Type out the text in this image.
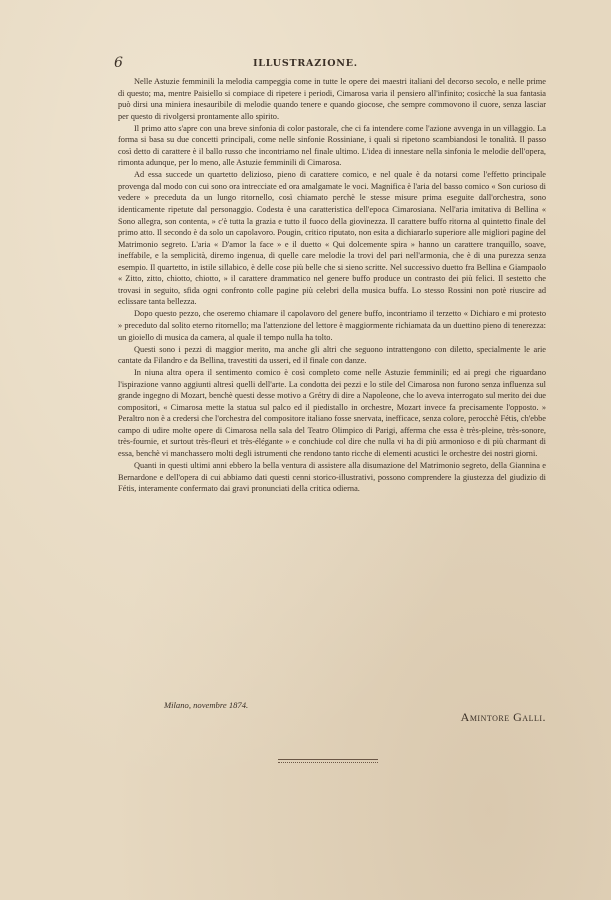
6	ILLUSTRAZIONE.

Nelle Astuzie femminili la melodia campeggia come in tutte le opere dei maestri italiani del decorso secolo, e nelle prime di questo; ma, mentre Paisiello si compiace di ripetere i periodi, Cimarosa varia il pensiero all'infinito; cosicchè la sua fantasia può dirsi una miniera inesauribile di melodie quando tenere e quando giocose, che sempre commovono il cuore, senza lasciar per questo di rivolgersi prontamente allo spirito.

Il primo atto s'apre con una breve sinfonia di color pastorale, che ci fa intendere come l'azione avvenga in un villaggio. La forma si basa su due concetti principali, come nelle sinfonie Rossiniane, i quali si ripetono scambiandosi le tonalità. Il passo così detto di carattere è il ballo russo che incontriamo nel finale ultimo. L'idea di innestare nella sinfonia le melodie dell'opera, rimonta adunque, per lo meno, alle Astuzie femminili di Cimarosa.

Ad essa succede un quartetto delizioso, pieno di carattere comico, e nel quale è da notarsi come l'effetto principale provenga dal modo con cui sono ora intrecciate ed ora amalgamate le voci. Magnifica è l'aria del basso comico « Son curioso di vedere » preceduta da un lungo ritornello, così chiamato perchè le stesse misure prima eseguite dall'orchestra, sono identicamente ripetute dal personaggio. Codesta è una caratteristica dell'epoca Cimarosiana. Nell'aria imitativa di Bellina « Sono allegra, son contenta, » c'è tutta la grazia e tutto il fuoco della giovinezza. Il carattere buffo ritorna al quintetto finale del primo atto. Il secondo è da solo un capolavoro. Pougin, critico riputato, non esita a dichiararlo superiore alle migliori pagine del Matrimonio segreto. L'aria « D'amor la face » e il duetto « Qui dolcemente spira » hanno un carattere tranquillo, soave, ineffabile, e la semplicità, diremo ingenua, di quelle care melodie la trovi del pari nell'armonia, che è di una purezza senza esempio. Il quartetto, in istile sillabico, è delle cose più belle che si sieno scritte. Nel successivo duetto fra Bellina e Giampaolo « Zitto, zitto, chiotto, chiotto, » il carattere drammatico nel genere buffo produce un contrasto dei più felici. Il sestetto che trovasi in seguito, sfida ogni confronto colle pagine più celebri della musica buffa. Lo stesso Rossini non potè riuscire ad eclissare tanta bellezza.

Dopo questo pezzo, che oseremo chiamare il capolavoro del genere buffo, incontriamo il terzetto « Dichiaro e mi protesto » preceduto dal solito eterno ritornello; ma l'attenzione del lettore è maggiormente richiamata da un duettino pieno di tenerezza: un gioiello di musica da camera, al quale il tempo nulla ha tolto.

Questi sono i pezzi di maggior merito, ma anche gli altri che seguono intrattengono con diletto, specialmente le arie cantate da Filandro e da Bellina, travestiti da usseri, ed il finale con danze.

In niuna altra opera il sentimento comico è così completo come nelle Astuzie femminili; ed ai pregi che riguardano l'ispirazione vanno aggiunti altresì quelli dell'arte. La condotta dei pezzi e lo stile del Cimarosa non furono senza influenza sul grande ingegno di Mozart, benchè questi desse motivo a Grétry di dire a Napoleone, che lo aveva interrogato sul merito dei due compositori, « Cimarosa mette la statua sul palco ed il piedistallo in orchestre, Mozart invece fa precisamente l'opposto. » Peraltro non è a credersi che l'orchestra del compositore italiano fosse snervata, inefficace, senza colore, perocchè Fétis, ch'ebbe campo di udire molte opere di Cimarosa nella sala del Teatro Olimpico di Parigi, afferma che essa è très-pleine, très-sonore, très-fournie, et surtout très-fleuri et très-élégante » e conchiude col dire che nulla vi ha di più armonioso e di più charmant di essa, benchè vi manchassero molti degli istrumenti che rendono tanto ricche di elementi acustici le orchestre dei nostri giorni.

Quanti in questi ultimi anni ebbero la bella ventura di assistere alla disumazione del Matrimonio segreto, della Giannina e Bernardone e dell'opera di cui abbiamo dati questi cenni storico-illustrativi, possono comprendere la giustezza del giudizio di Fétis, interamente confermato dai gravi pronunciati della critica odierna.

Milano, novembre 1874.
Amintore Galli.
